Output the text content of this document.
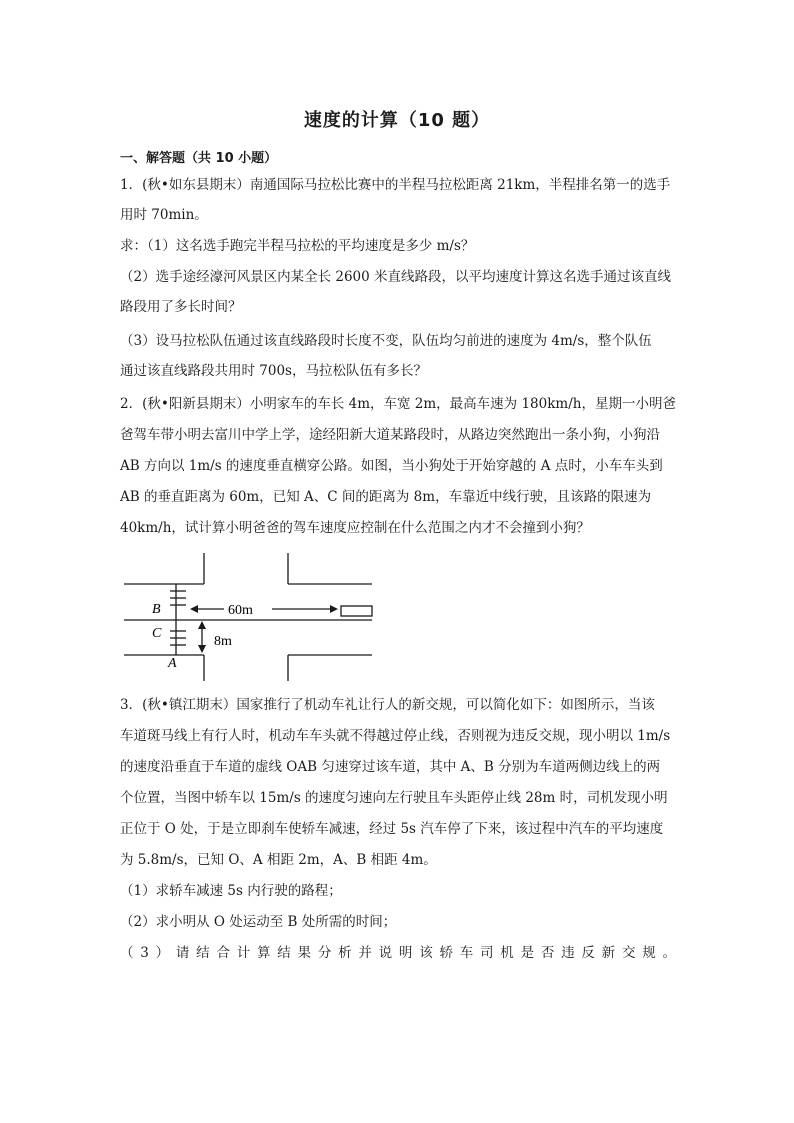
速度的计算（10 题）
一、解答题（共 10 小题）
1．(秋•如东县期末）南通国际马拉松比赛中的半程马拉松距离 21km，半程排名第一的选手
用时 70min。
求：（1）这名选手跑完半程马拉松的平均速度是多少 m/s？
（2）选手途经濠河风景区内某全长 2600 米直线路段，以平均速度计算这名选手通过该直线
路段用了多长时间？
（3）设马拉松队伍通过该直线路段时长度不变，队伍均匀前进的速度为 4m/s，整个队伍
通过该直线路段共用时 700s，马拉松队伍有多长？
2．(秋•阳新县期末）小明家车的车长 4m，车宽 2m，最高车速为 180km/h，星期一小明爸
爸驾车带小明去富川中学上学，途经阳新大道某路段时，从路边突然跑出一条小狗，小狗沿
AB 方向以 1m/s 的速度垂直横穿公路。如图，当小狗处于开始穿越的 A 点时，小车车头到
AB 的垂直距离为 60m，已知 A、C 间的距离为 8m，车靠近中线行驶，且该路的限速为
40km/h，试计算小明爸爸的驾车速度应控制在什么范围之内才不会撞到小狗？
B
C
A
60m
8m
3．(秋•镇江期末）国家推行了机动车礼让行人的新交规，可以简化如下：如图所示，当该
车道斑马线上有行人时，机动车车头就不得越过停止线，否则视为违反交规，现小明以 1m/s
的速度沿垂直于车道的虚线 OAB 匀速穿过该车道，其中 A、B 分别为车道两侧边线上的两
个位置，当图中轿车以 15m/s 的速度匀速向左行驶且车头距停止线 28m 时，司机发现小明
正位于 O 处，于是立即刹车使轿车减速，经过 5s 汽车停了下来，该过程中汽车的平均速度
为 5.8m/s，已知 O、A 相距 2m，A、B 相距 4m。
（1）求轿车减速 5s 内行驶的路程；
（2）求小明从 O 处运动至 B 处所需的时间；
（3）请结合计算结果分析并说明该轿车司机是否违反新交规。
